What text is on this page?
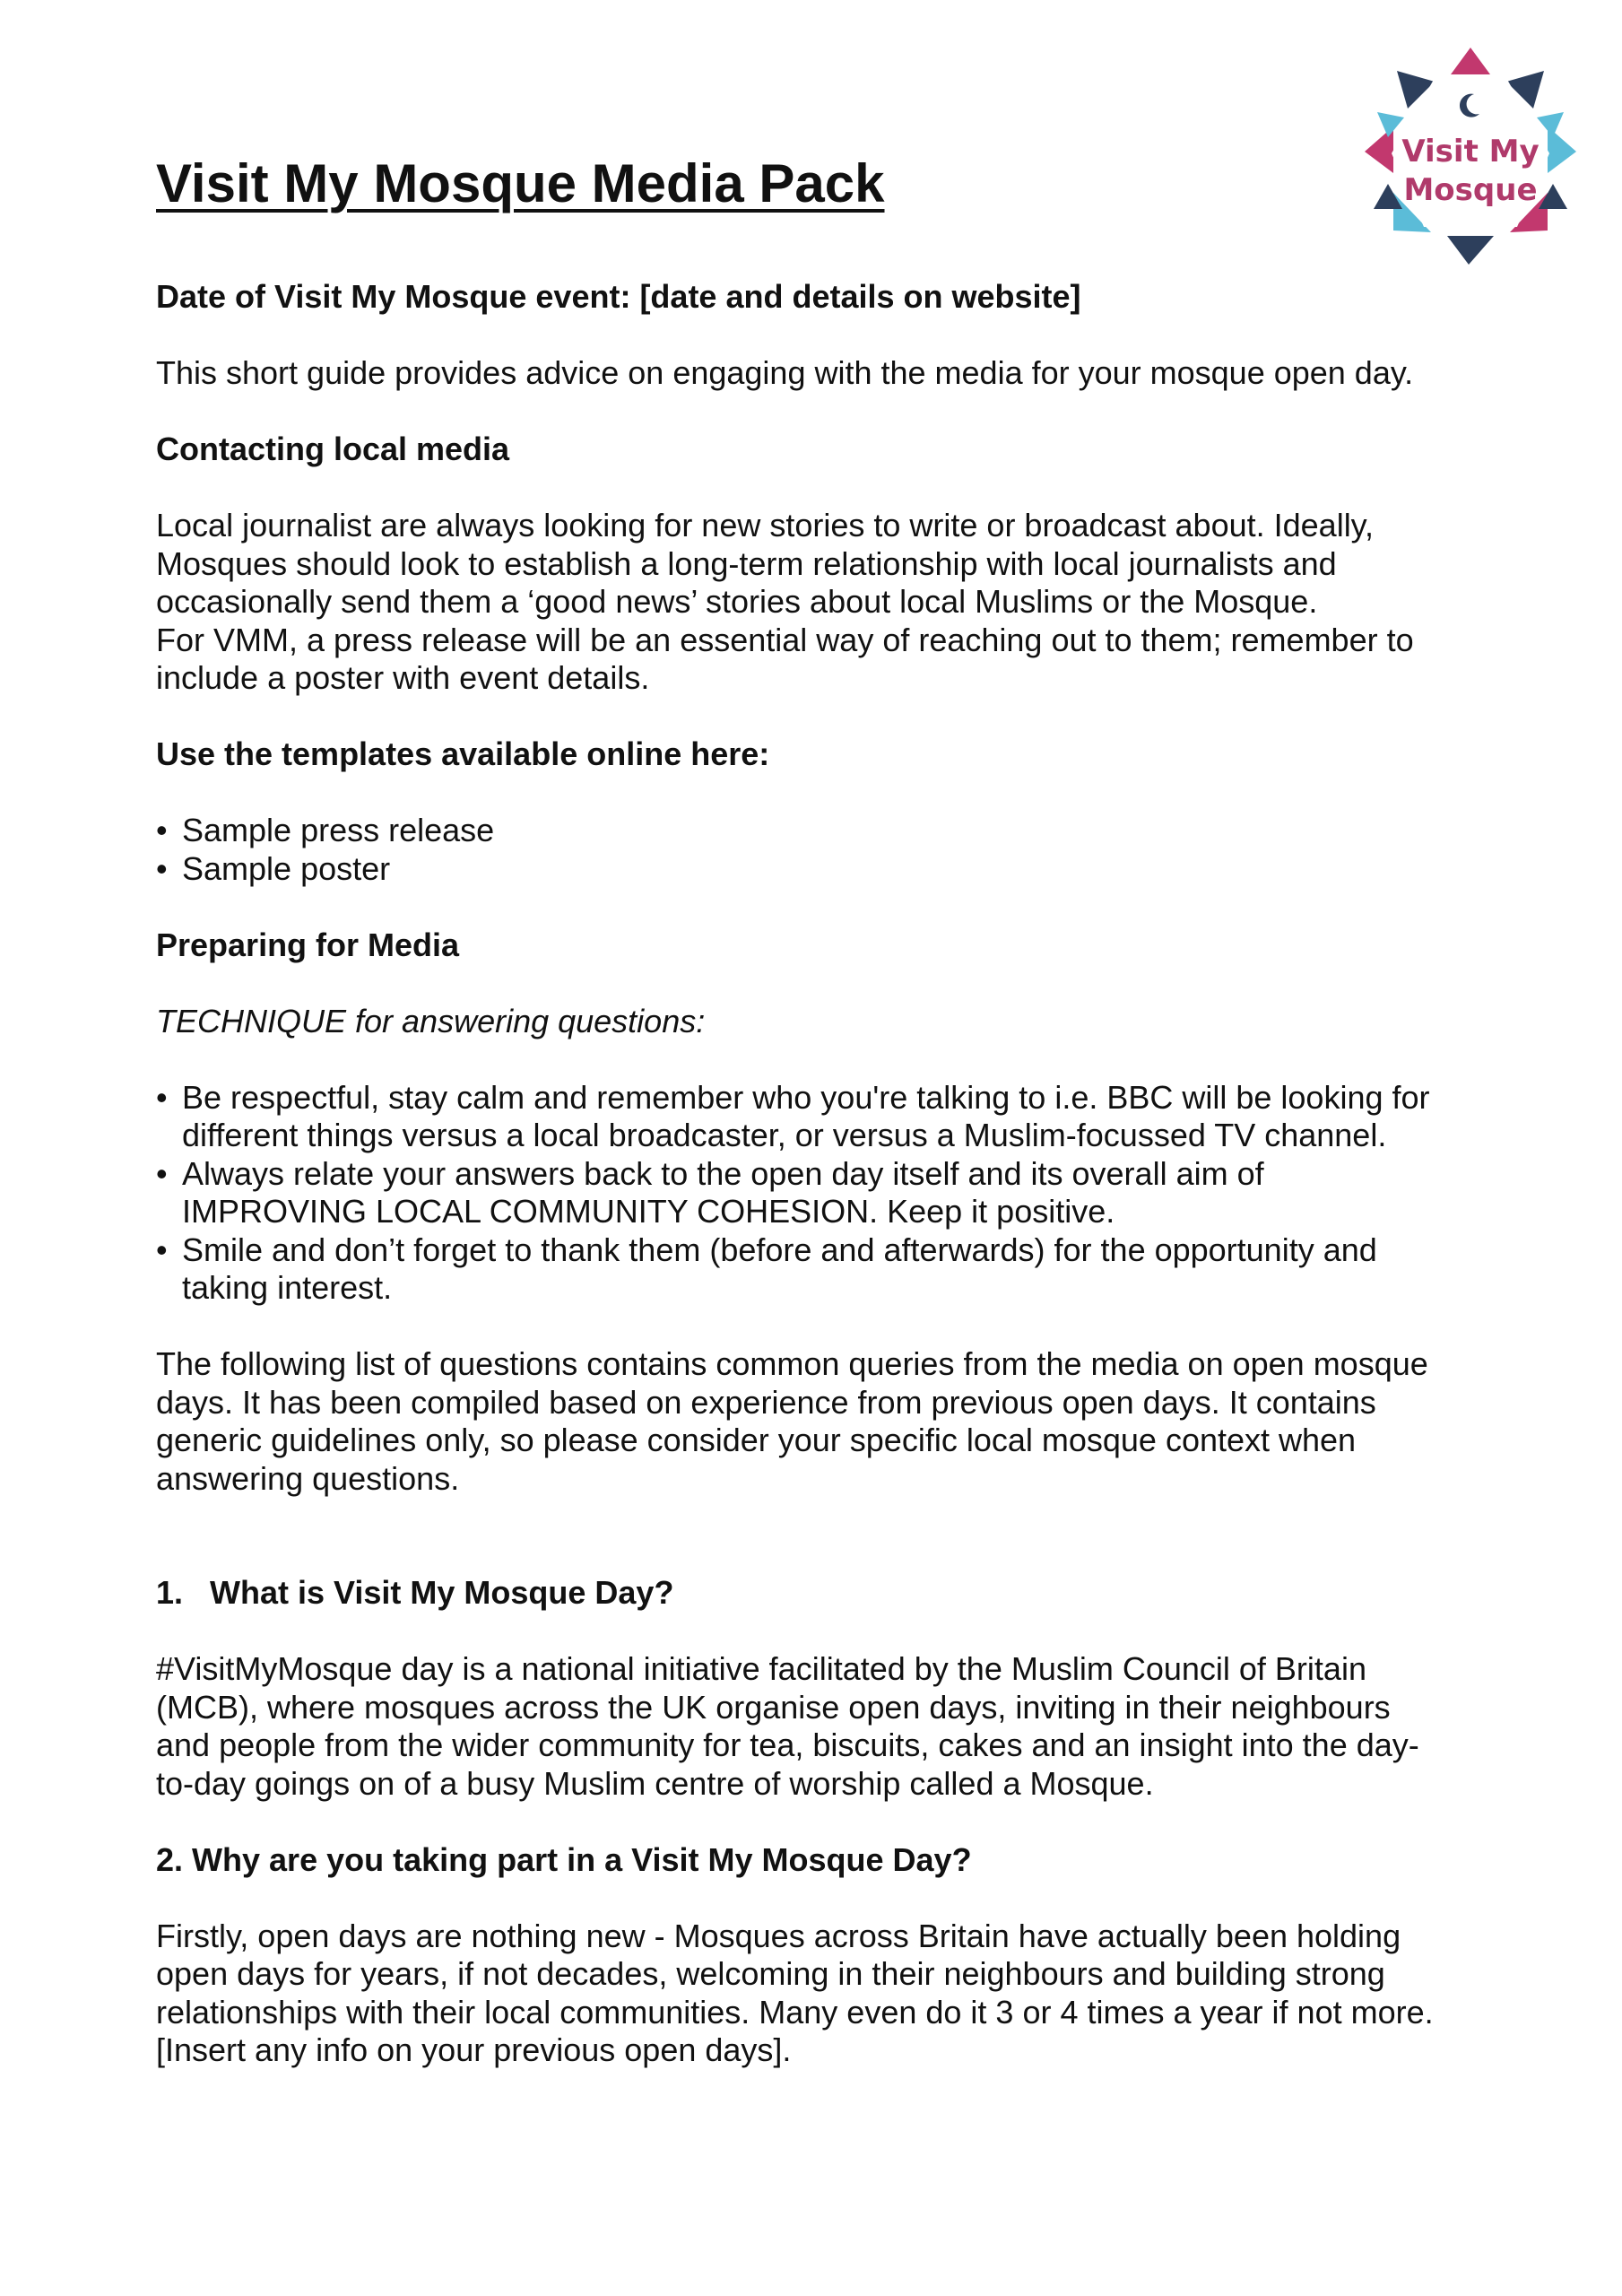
Visit My Mosque Media Pack
Visit My
Mosque

Date of Visit My Mosque event: [date and details on website]

This short guide provides advice on engaging with the media for your mosque open day.

Contacting local media

Local journalist are always looking for new stories to write or broadcast about. Ideally,

Mosques should look to establish a long-term relationship with local journalists and

occasionally send them a ‘good news’ stories about local Muslims or the Mosque.

For VMM, a press release will be an essential way of reaching out to them; remember to

include a poster with event details.

Use the templates available online here:

• Sample press release
• Sample poster

Preparing for Media

TECHNIQUE for answering questions:

• Be respectful, stay calm and remember who you're talking to i.e. BBC will be looking for

different things versus a local broadcaster, or versus a Muslim-focussed TV channel.

• Always relate your answers back to the open day itself and its overall aim of

IMPROVING LOCAL COMMUNITY COHESION. Keep it positive.

• Smile and don’t forget to thank them (before and afterwards) for the opportunity and

taking interest.

The following list of questions contains common queries from the media on open mosque

days. It has been compiled based on experience from previous open days. It contains

generic guidelines only, so please consider your specific local mosque context when

answering questions.

1. What is Visit My Mosque Day?

#VisitMyMosque day is a national initiative facilitated by the Muslim Council of Britain

(MCB), where mosques across the UK organise open days, inviting in their neighbours

and people from the wider community for tea, biscuits, cakes and an insight into the day-

to-day goings on of a busy Muslim centre of worship called a Mosque.

2. Why are you taking part in a Visit My Mosque Day?

Firstly, open days are nothing new - Mosques across Britain have actually been holding

open days for years, if not decades, welcoming in their neighbours and building strong

relationships with their local communities. Many even do it 3 or 4 times a year if not more.

[Insert any info on your previous open days].
